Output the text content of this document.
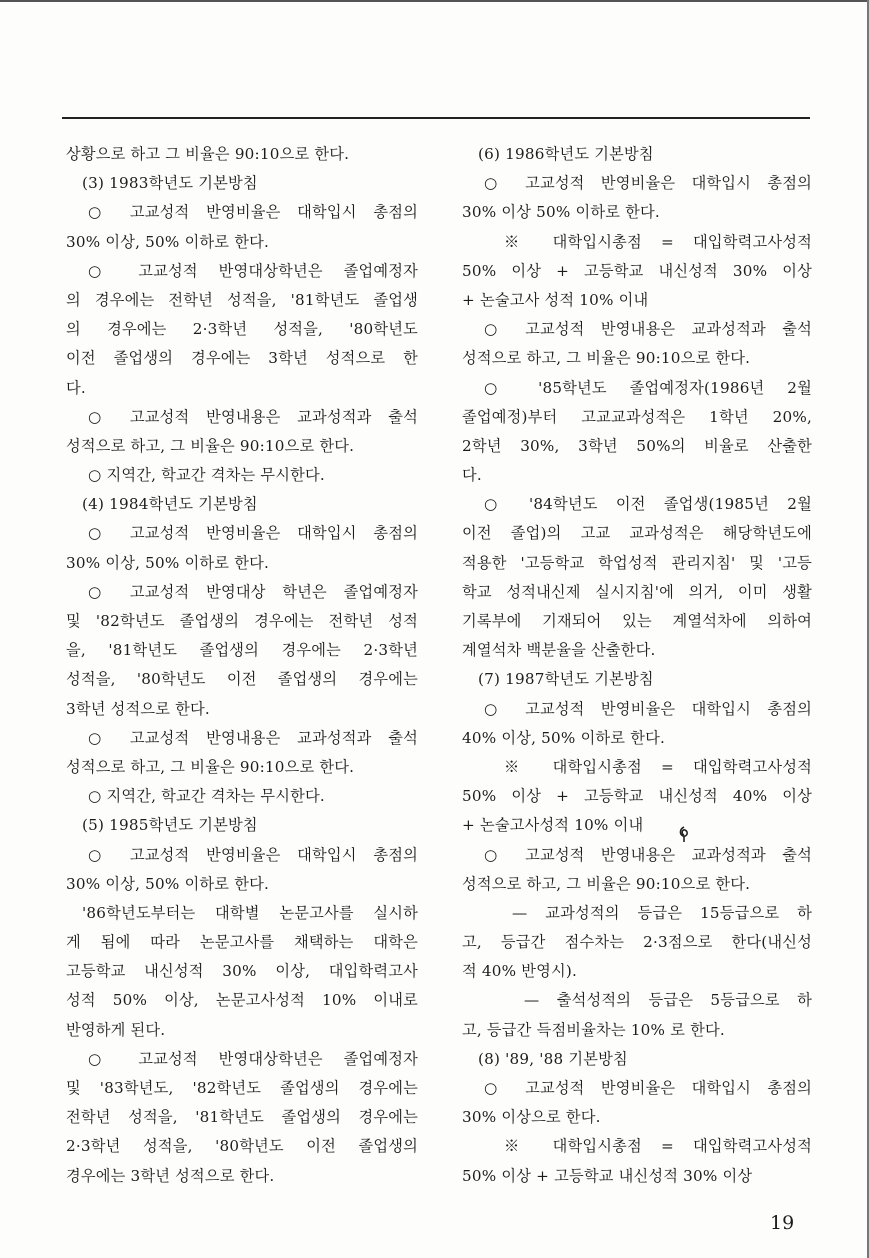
상황으로 하고 그 비율은 90:10으로 한다.
(3) 1983학년도 기본방침
○ 고교성적 반영비율은 대학입시 총점의
30% 이상, 50% 이하로 한다.
○ 고교성적 반영대상학년은 졸업예정자
의 경우에는 전학년 성적을, '81학년도 졸업생
의 경우에는 2·3학년 성적을, '80학년도
이전 졸업생의 경우에는 3학년 성적으로 한
다.
○ 고교성적 반영내용은 교과성적과 출석
성적으로 하고, 그 비율은 90:10으로 한다.
○ 지역간, 학교간 격차는 무시한다.
(4) 1984학년도 기본방침
○ 고교성적 반영비율은 대학입시 총점의
30% 이상, 50% 이하로 한다.
○ 고교성적 반영대상 학년은 졸업예정자
및 '82학년도 졸업생의 경우에는 전학년 성적
을, '81학년도 졸업생의 경우에는 2·3학년
성적을, '80학년도 이전 졸업생의 경우에는
3학년 성적으로 한다.
○ 고교성적 반영내용은 교과성적과 출석
성적으로 하고, 그 비율은 90:10으로 한다.
○ 지역간, 학교간 격차는 무시한다.
(5) 1985학년도 기본방침
○ 고교성적 반영비율은 대학입시 총점의
30% 이상, 50% 이하로 한다.
'86학년도부터는 대학별 논문고사를 실시하
게 됨에 따라 논문고사를 채택하는 대학은
고등학교 내신성적 30% 이상, 대입학력고사
성적 50% 이상, 논문고사성적 10% 이내로
반영하게 된다.
○ 고교성적 반영대상학년은 졸업예정자
및 '83학년도, '82학년도 졸업생의 경우에는
전학년 성적을, '81학년도 졸업생의 경우에는
2·3학년 성적을, '80학년도 이전 졸업생의
경우에는 3학년 성적으로 한다.
(6) 1986학년도 기본방침
○ 고교성적 반영비율은 대학입시 총점의
30% 이상 50% 이하로 한다.
※ 대학입시총점 = 대입학력고사성적
50% 이상 + 고등학교 내신성적 30% 이상
+ 논술고사 성적 10% 이내
○ 고교성적 반영내용은 교과성적과 출석
성적으로 하고, 그 비율은 90:10으로 한다.
○ '85학년도 졸업예정자(1986년 2월
졸업예정)부터 고교교과성적은 1학년 20%,
2학년 30%, 3학년 50%의 비율로 산출한
다.
○ '84학년도 이전 졸업생(1985년 2월
이전 졸업)의 고교 교과성적은 해당학년도에
적용한 '고등학교 학업성적 관리지침' 및 '고등
학교 성적내신제 실시지침'에 의거, 이미 생활
기록부에 기재되어 있는 계열석차에 의하여
계열석차 백분율을 산출한다.
(7) 1987학년도 기본방침
○ 고교성적 반영비율은 대학입시 총점의
40% 이상, 50% 이하로 한다.
※ 대학입시총점 = 대입학력고사성적
50% 이상 + 고등학교 내신성적 40% 이상
+ 논술고사성적 10% 이내
○ 고교성적 반영내용은 교과성적과 출석
성적으로 하고, 그 비율은 90:10으로 한다.
— 교과성적의 등급은 15등급으로 하
고, 등급간 점수차는 2·3점으로 한다(내신성
적 40% 반영시).
— 출석성적의 등급은 5등급으로 하
고, 등급간 득점비율차는 10% 로 한다.
(8) '89, '88 기본방침
○ 고교성적 반영비율은 대학입시 총점의
30% 이상으로 한다.
※ 대학입시총점 = 대입학력고사성적
50% 이상 + 고등학교 내신성적 30% 이상
19
